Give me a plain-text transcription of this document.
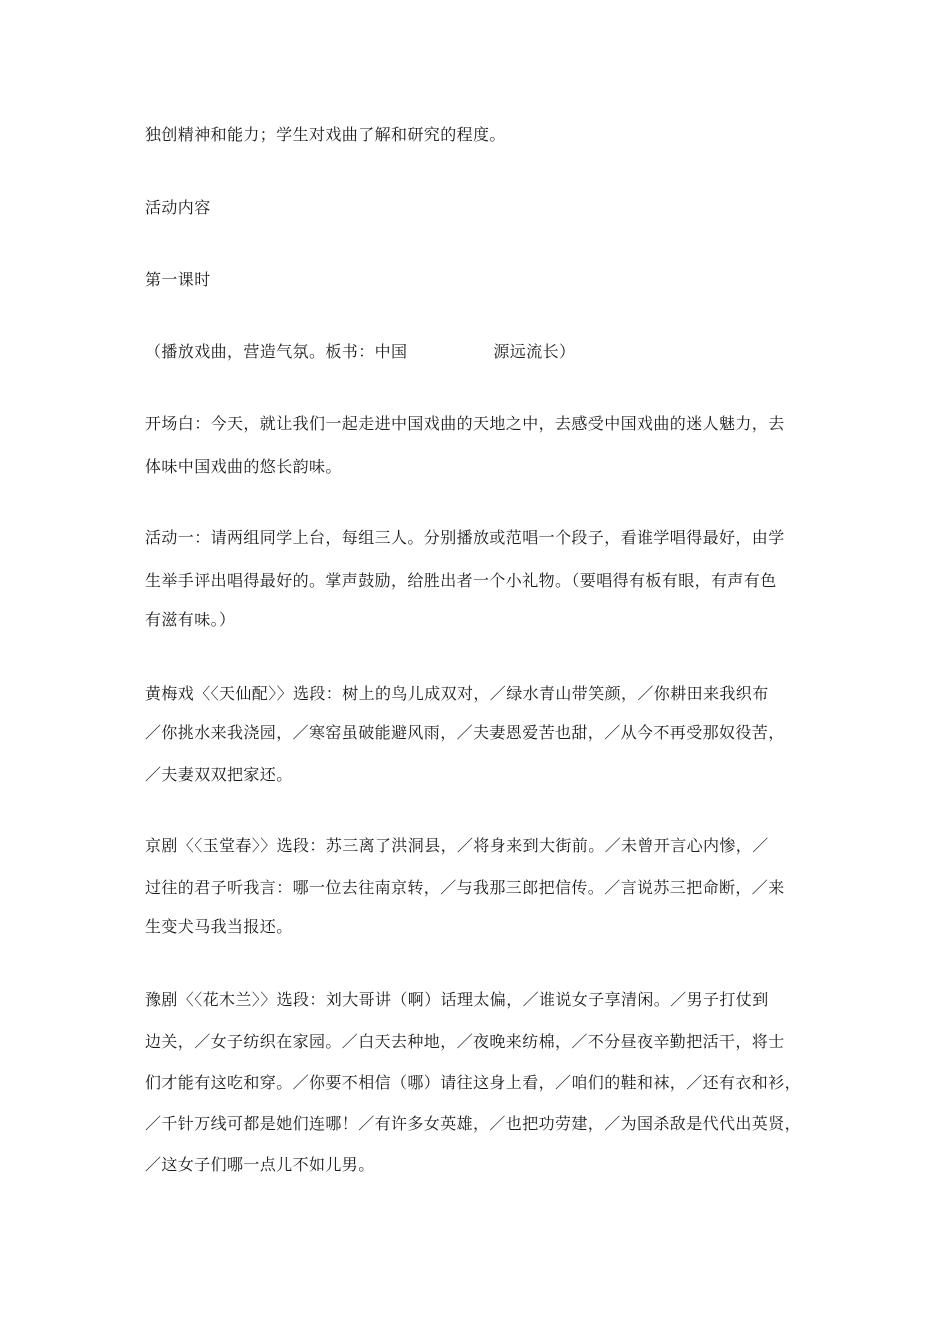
独创精神和能力；学生对戏曲了解和研究的程度。

活动内容

第一课时

（播放戏曲，营造气氛。板书：中国	源远流长）

开场白：今天，就让我们一起走进中国戏曲的天地之中，去感受中国戏曲的迷人魅力，去

体味中国戏曲的悠长韵味。

活动一：请两组同学上台，每组三人。分别播放或范唱一个段子，看谁学唱得最好，由学

生举手评出唱得最好的。掌声鼓励，给胜出者一个小礼物。（要唱得有板有眼，有声有色

有滋有味。）

黄梅戏〈〈天仙配〉〉选段：树上的鸟儿成双对，／绿水青山带笑颜，／你耕田来我织布

／你挑水来我浇园，／寒窑虽破能避风雨，／夫妻恩爱苦也甜，／从今不再受那奴役苦，

／夫妻双双把家还。

京剧〈〈玉堂春〉〉选段：苏三离了洪洞县，／将身来到大街前。／未曾开言心内惨，／

过往的君子听我言：哪一位去往南京转，／与我那三郎把信传。／言说苏三把命断，／来

生变犬马我当报还。

豫剧〈〈花木兰〉〉选段：刘大哥讲（啊）话理太偏，／谁说女子享清闲。／男子打仗到

边关，／女子纺织在家园。／白天去种地，／夜晚来纺棉，／不分昼夜辛勤把活干，将士

们才能有这吃和穿。／你要不相信（哪）请往这身上看，／咱们的鞋和袜，／还有衣和衫，

／千针万线可都是她们连哪！／有许多女英雄，／也把功劳建，／为国杀敌是代代出英贤，

／这女子们哪一点儿不如儿男。
